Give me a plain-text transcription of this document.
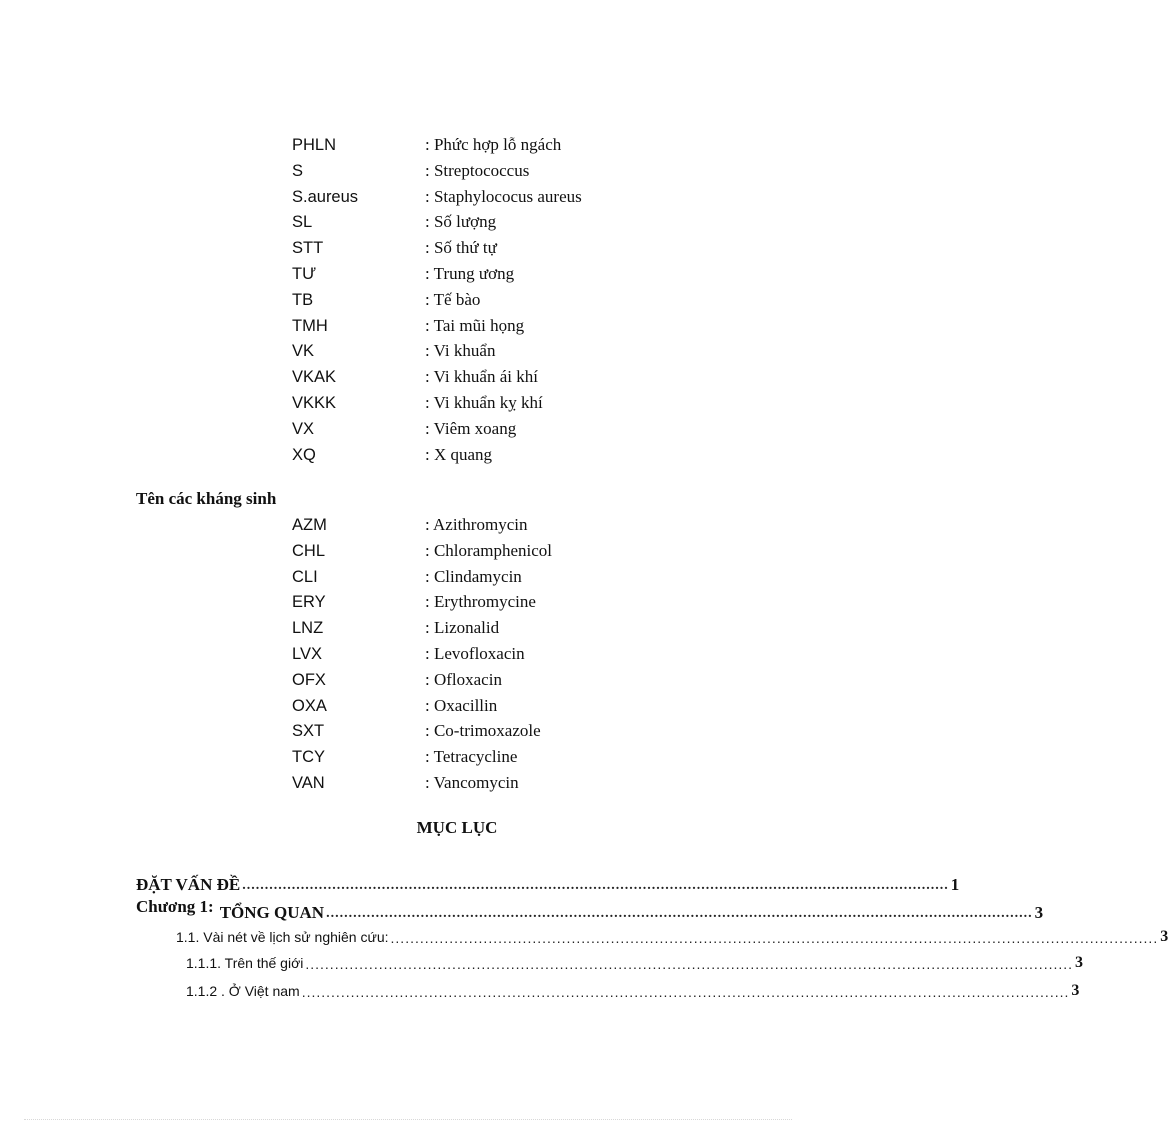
PHLN	: Phức hợp lỗ ngách
S	: Streptococcus
S.aureus	: Staphylococus aureus
SL	: Số lượng
STT	: Số thứ tự
TƯ	: Trung ương
TB	: Tế bào
TMH	: Tai mũi họng
VK	: Vi khuẩn
VKAK	: Vi khuẩn ái khí
VKKK	: Vi khuẩn kỵ khí
VX	: Viêm xoang
XQ	: X quang
Tên các kháng sinh
AZM	: Azithromycin
CHL	: Chloramphenicol
CLI	: Clindamycin
ERY	: Erythromycine
LNZ	: Lizonalid
LVX	: Levofloxacin
OFX	: Ofloxacin
OXA	: Oxacillin
SXT	: Co-trimoxazole
TCY	: Tetracycline
VAN	: Vancomycin
MỤC LỤC
ĐẶT VẤN ĐỀ ............................................................................................................................................................. 1
Chương 1: TỔNG QUAN ............................................................................................................................................................. 3
1.1. Vài nét về lịch sử nghiên cứu: ............................................................................................................................................................. 3
1.1.1. Trên thế giới ............................................................................................................................................................. 3
1.1.2 . Ở Việt nam ............................................................................................................................................................. 3
